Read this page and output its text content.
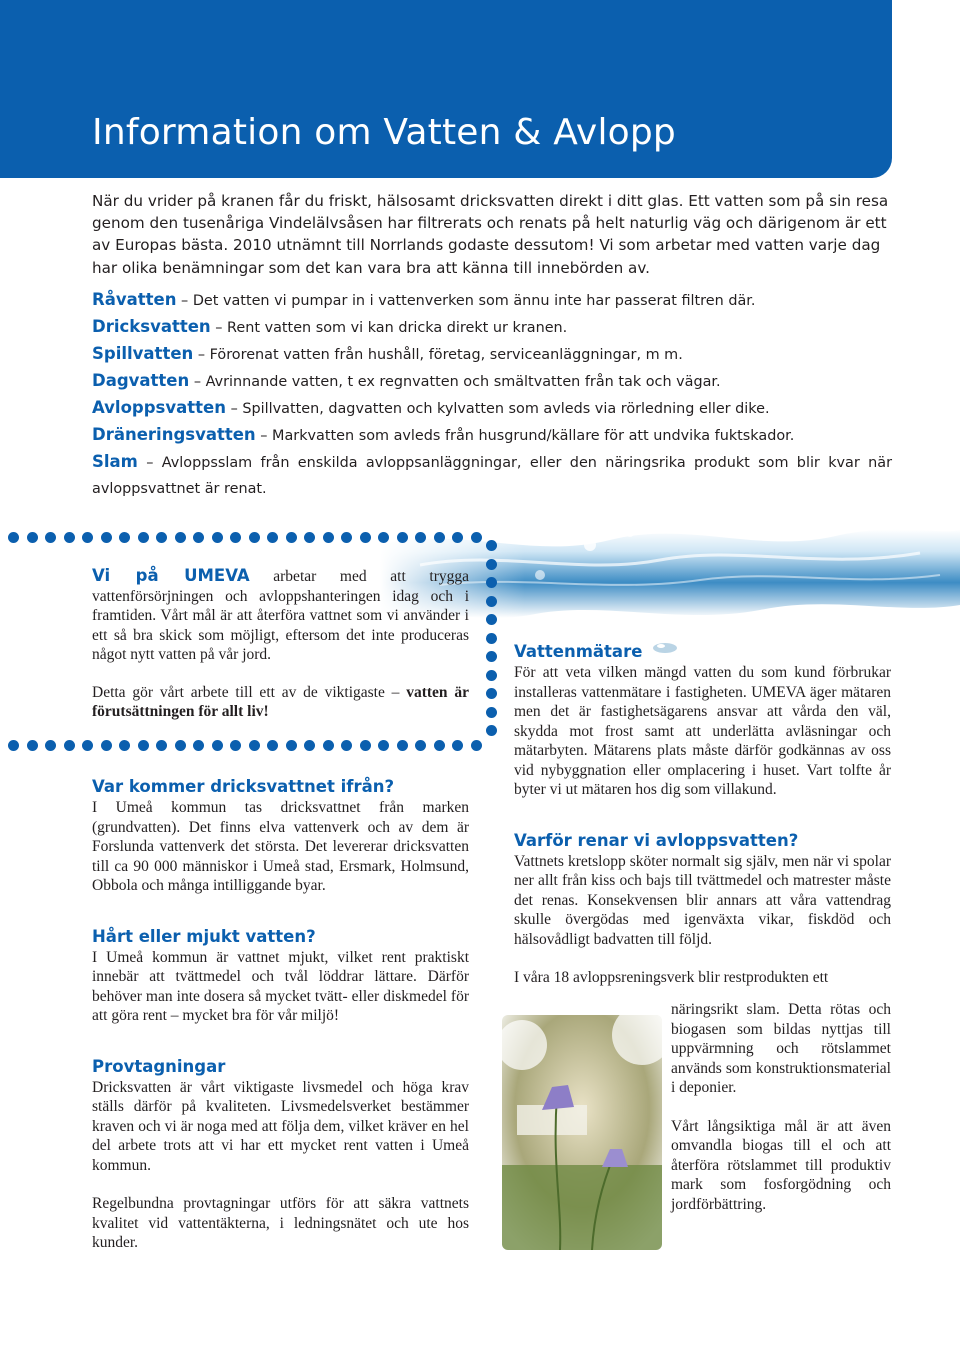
Information om Vatten & Avlopp

När du vrider på kranen får du friskt, hälsosamt dricksvatten direkt i ditt glas. Ett vatten som på sin resa genom den tusenåriga Vindelälvsåsen har filtrerats och renats på helt naturlig väg och därigenom är ett av Europas bästa. 2010 utnämnt till Norrlands godaste dessutom! Vi som arbetar med vatten varje dag har olika benämningar som det kan vara bra att känna till innebörden av.

Råvatten – Det vatten vi pumpar in i vattenverken som ännu inte har passerat filtren där.

Dricksvatten – Rent vatten som vi kan dricka direkt ur kranen.

Spillvatten – Förorenat vatten från hushåll, företag, serviceanläggningar, m m.

Dagvatten – Avrinnande vatten, t ex regnvatten och smältvatten från tak och vägar.

Avloppsvatten – Spillvatten, dagvatten och kylvatten som avleds via rörledning eller dike.

Dräneringsvatten – Markvatten som avleds från husgrund/källare för att undvika fuktskador.

Slam – Avloppsslam från enskilda avloppsanläggningar, eller den näringsrika produkt som blir kvar när avloppsvattnet är renat.

Vi på UMEVA arbetar med att trygga vattenförsörjningen och avloppshanteringen idag och i framtiden. Vårt mål är att återföra vattnet som vi använder i ett så bra skick som möjligt, eftersom det inte produceras något nytt vatten på vår jord.

Detta gör vårt arbete till ett av de viktigaste – vatten är förutsättningen för allt liv!

Var kommer dricksvattnet ifrån?

I Umeå kommun tas dricksvattnet från marken (grundvatten). Det finns elva vattenverk och av dem är Forslunda vattenverk det största. Det levererar dricksvatten till ca 90 000 människor i Umeå stad, Ersmark, Holmsund, Obbola och många intilliggande byar.

Hårt eller mjukt vatten?

I Umeå kommun är vattnet mjukt, vilket rent praktiskt innebär att tvättmedel och tvål löddrar lättare. Därför behöver man inte dosera så mycket tvätt- eller diskmedel för att göra rent – mycket bra för vår miljö!

Provtagningar

Dricksvatten är vårt viktigaste livsmedel och höga krav ställs därför på kvaliteten. Livsmedelsverket bestämmer kraven och vi är noga med att följa dem, vilket kräver en hel del arbete trots att vi har ett mycket rent vatten i Umeå kommun.

Regelbundna provtagningar utförs för att säkra vattnets kvalitet vid vattentäkterna, i ledningsnätet och ute hos kunder.

Vattenmätare

För att veta vilken mängd vatten du som kund förbrukar installeras vattenmätare i fastigheten. UMEVA äger mätaren men det är fastighetsägarens ansvar att vårda den väl, skydda mot frost samt att underlätta avläsningar och mätarbyten. Mätarens plats måste därför godkännas av oss vid nybyggnation eller omplacering i huset. Vart tolfte år byter vi ut mätaren hos dig som villakund.

Varför renar vi avloppsvatten?

Vattnets kretslopp sköter normalt sig själv, men när vi spolar ner allt från kiss och bajs till tvättmedel och matrester måste det renas. Konsekvensen blir annars att våra vattendrag skulle övergödas med igenväxta vikar, fiskdöd och hälsovådligt badvatten till följd.

I våra 18 avloppsreningsverk blir restprodukten ett

näringsrikt slam. Detta rötas och biogasen som bildas nyttjas till uppvärmning och rötslammet används som konstruktionsmaterial i deponier.

Vårt långsiktiga mål är att även omvandla biogas till el och att återföra rötslammet till produktiv mark som fosforgödning och jordförbättring.
